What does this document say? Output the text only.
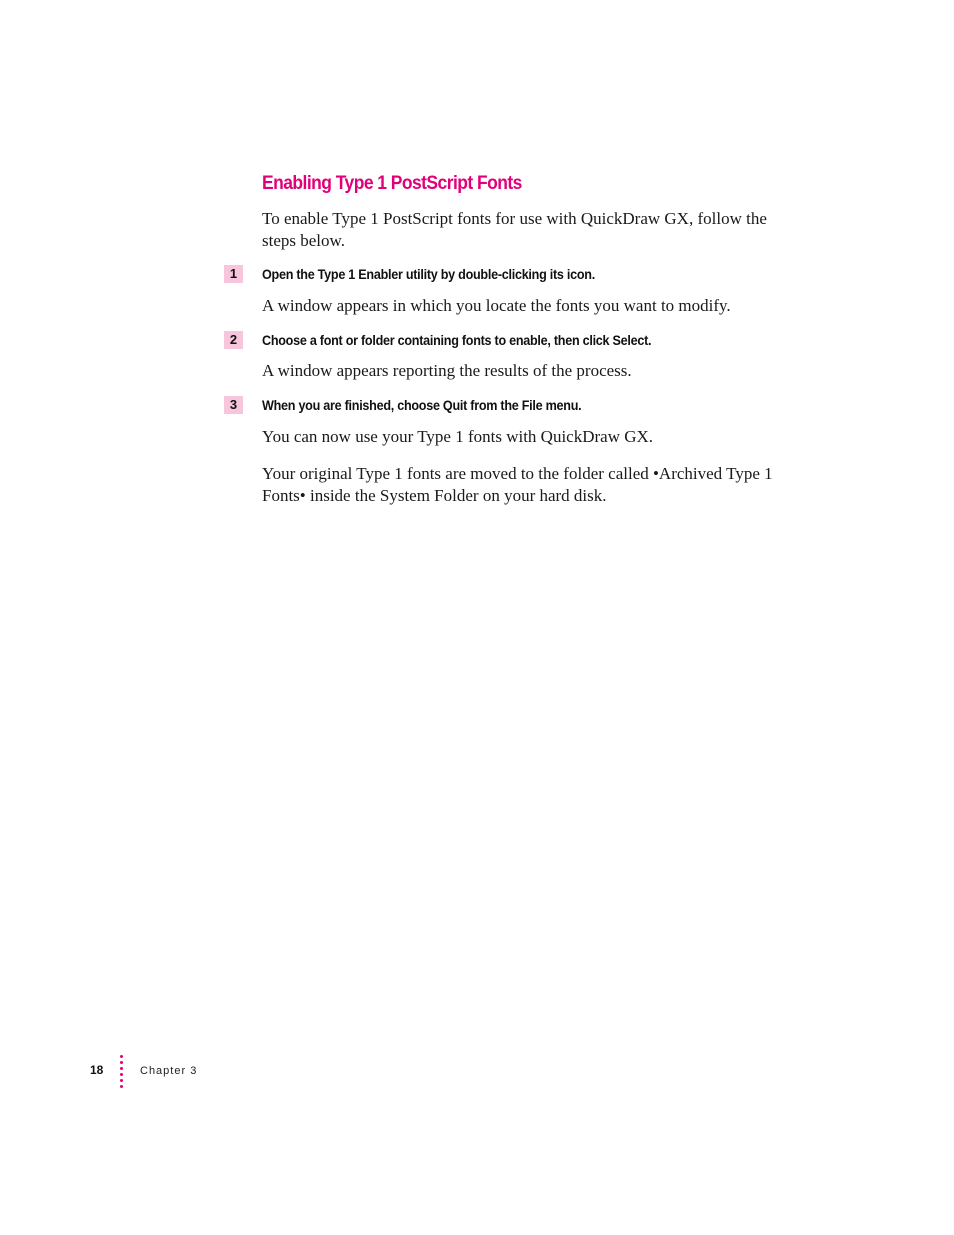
Enabling Type 1 PostScript Fonts

To enable Type 1 PostScript fonts for use with QuickDraw GX, follow the steps below.

1	Open the Type 1 Enabler utility by double-clicking its icon.

A window appears in which you locate the fonts you want to modify.

2	Choose a font or folder containing fonts to enable, then click Select.

A window appears reporting the results of the process.

3	When you are finished, choose Quit from the File menu.

You can now use your Type 1 fonts with QuickDraw GX.

Your original Type 1 fonts are moved to the folder called •Archived Type 1 Fonts• inside the System Folder on your hard disk.

18	Chapter 3
